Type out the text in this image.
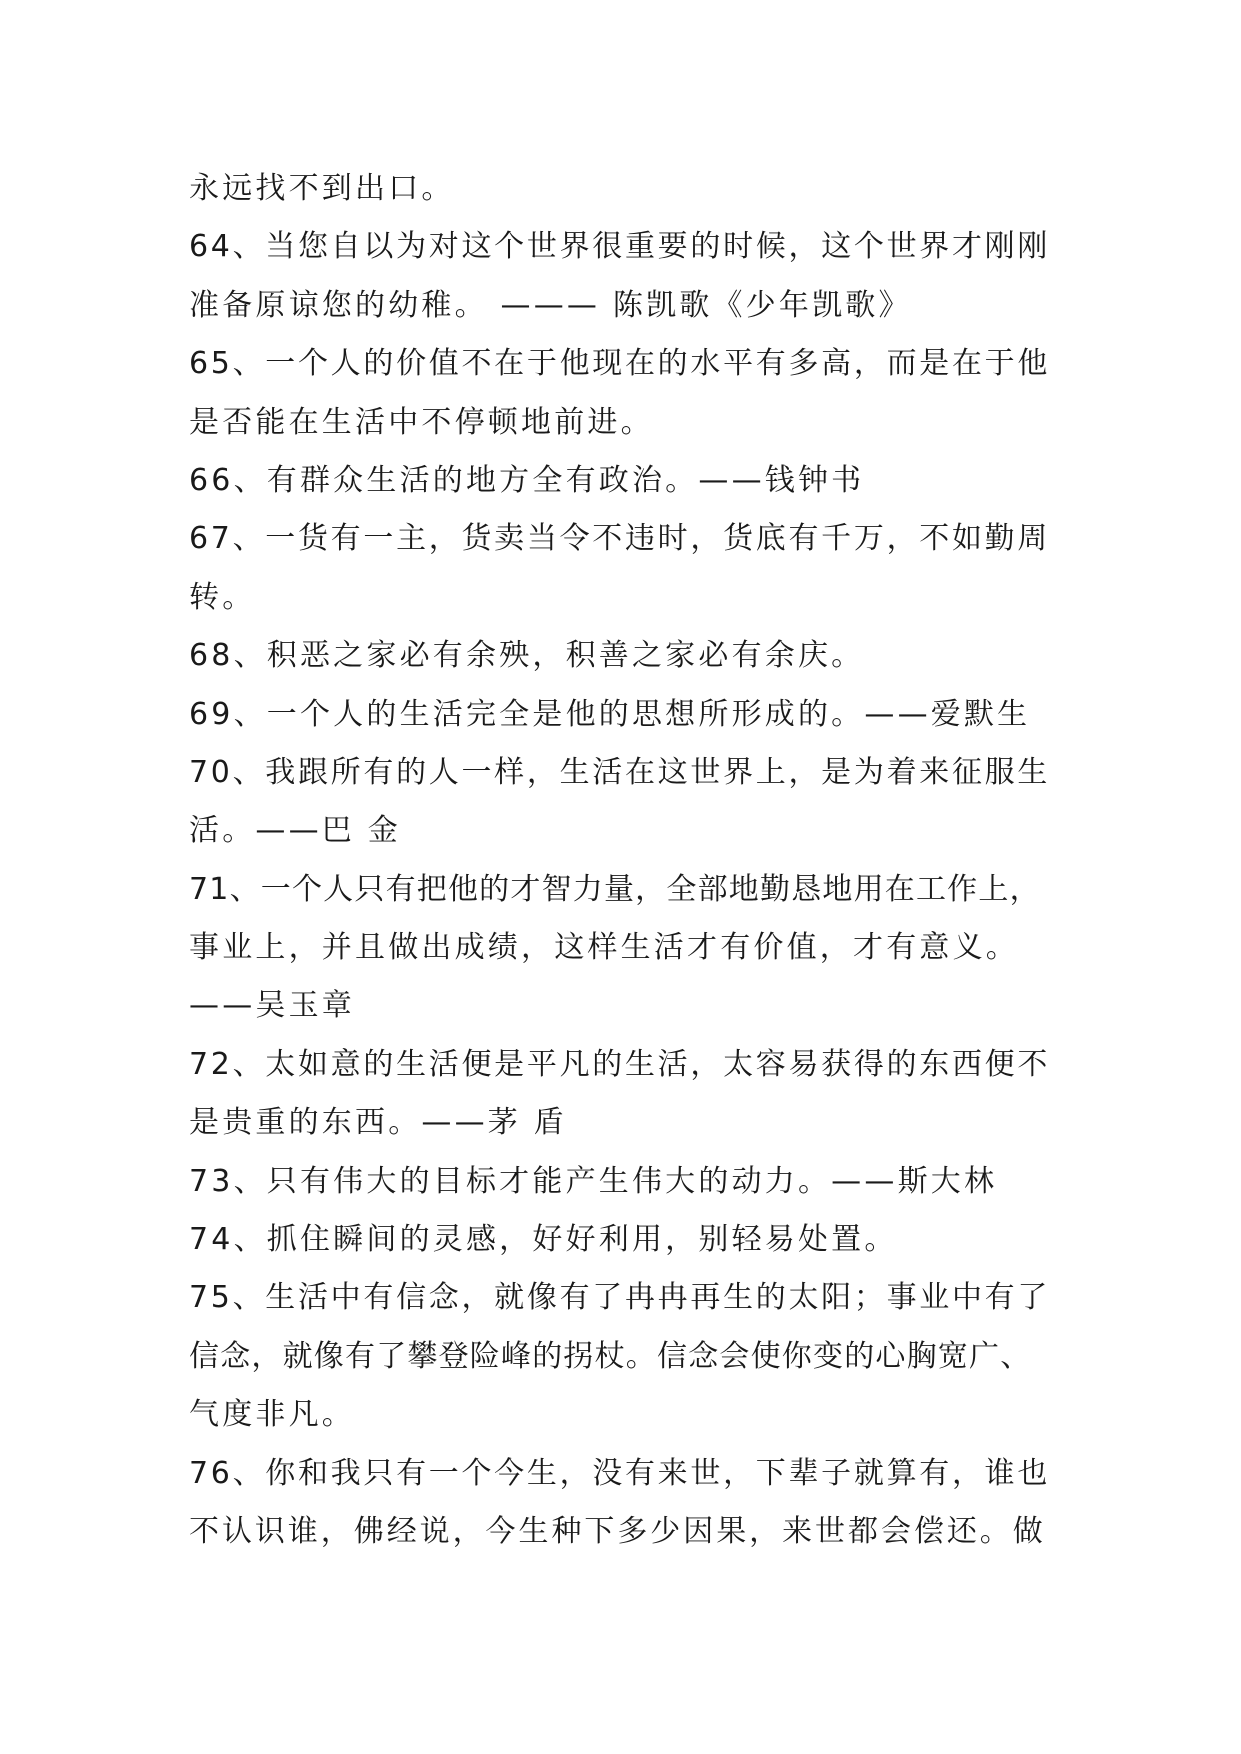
永远找不到出口。
64、当您自以为对这个世界很重要的时候，这个世界才刚刚
准备原谅您的幼稚。 ——— 陈凯歌《少年凯歌》
65、一个人的价值不在于他现在的水平有多高，而是在于他
是否能在生活中不停顿地前进。
66、有群众生活的地方全有政治。——钱钟书
67、一货有一主，货卖当令不违时，货底有千万，不如勤周
转。
68、积恶之家必有余殃，积善之家必有余庆。
69、一个人的生活完全是他的思想所形成的。——爱默生
70、我跟所有的人一样，生活在这世界上，是为着来征服生
活。——巴 金
71、一个人只有把他的才智力量，全部地勤恳地用在工作上，
事业上，并且做出成绩，这样生活才有价值，才有意义。
——吴玉章
72、太如意的生活便是平凡的生活，太容易获得的东西便不
是贵重的东西。——茅 盾
73、只有伟大的目标才能产生伟大的动力。——斯大林
74、抓住瞬间的灵感，好好利用，别轻易处置。
75、生活中有信念，就像有了冉冉再生的太阳；事业中有了
信念，就像有了攀登险峰的拐杖。信念会使你变的心胸宽广、
气度非凡。
76、你和我只有一个今生，没有来世，下辈子就算有，谁也
不认识谁，佛经说，今生种下多少因果，来世都会偿还。做
